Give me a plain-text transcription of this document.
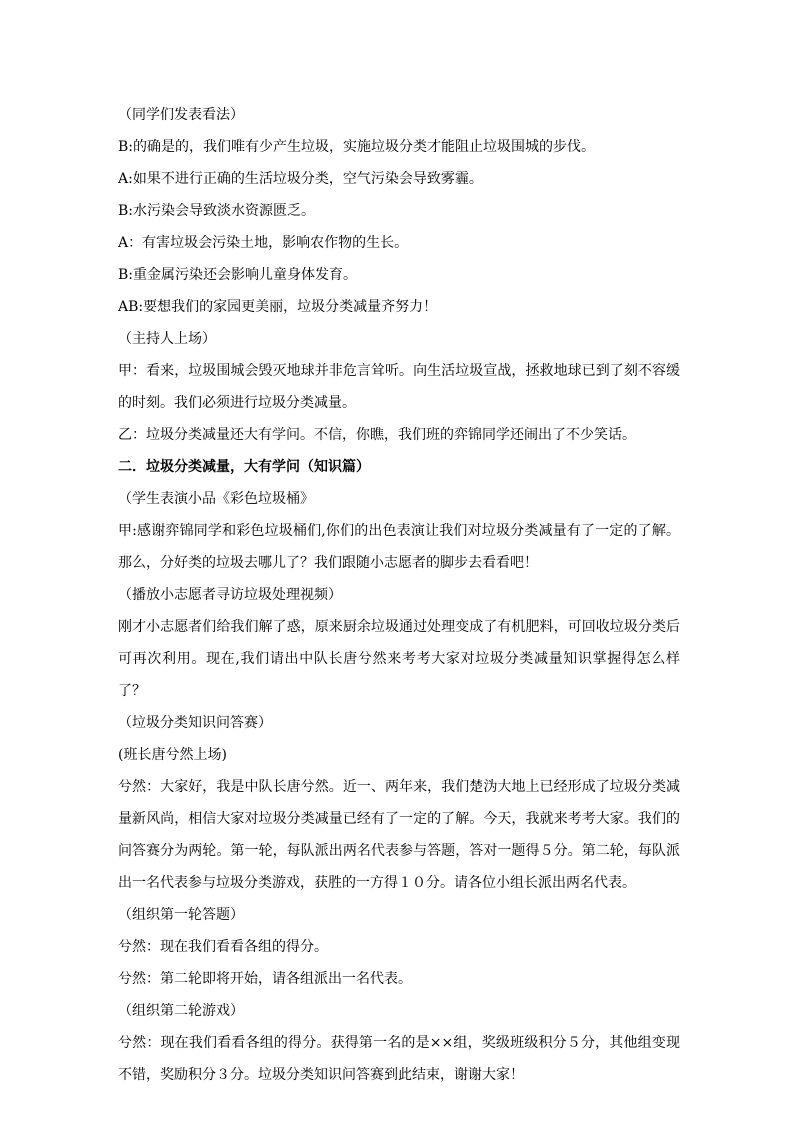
（同学们发表看法）
B:的确是的，我们唯有少产生垃圾，实施垃圾分类才能阻止垃圾围城的步伐。
A:如果不进行正确的生活垃圾分类，空气污染会导致雾霾。
B:水污染会导致淡水资源匮乏。
A：有害垃圾会污染土地，影响农作物的生长。
B:重金属污染还会影响儿童身体发育。
AB:要想我们的家园更美丽，垃圾分类减量齐努力！
（主持人上场）
甲：看来，垃圾围城会毁灭地球并非危言耸听。向生活垃圾宣战，拯救地球已到了刻不容缓的时刻。我们必须进行垃圾分类减量。
乙：垃圾分类减量还大有学问。不信，你瞧，我们班的弈锦同学还闹出了不少笑话。
二．垃圾分类减量，大有学问（知识篇）
（学生表演小品《彩色垃圾桶》
甲:感谢弈锦同学和彩色垃圾桶们,你们的出色表演让我们对垃圾分类减量有了一定的了解。那么，分好类的垃圾去哪儿了？我们跟随小志愿者的脚步去看看吧！
（播放小志愿者寻访垃圾处理视频）
刚才小志愿者们给我们解了惑，原来厨余垃圾通过处理变成了有机肥料，可回收垃圾分类后可再次利用。现在,我们请出中队长唐兮然来考考大家对垃圾分类减量知识掌握得怎么样了？
（垃圾分类知识问答赛）
(班长唐兮然上场)
兮然：大家好，我是中队长唐兮然。近一、两年来，我们楚沩大地上已经形成了垃圾分类减量新风尚，相信大家对垃圾分类减量已经有了一定的了解。今天，我就来考考大家。我们的问答赛分为两轮。第一轮，每队派出两名代表参与答题，答对一题得５分。第二轮，每队派出一名代表参与垃圾分类游戏，获胜的一方得１０分。请各位小组长派出两名代表。
（组织第一轮答题）
兮然：现在我们看看各组的得分。
兮然：第二轮即将开始，请各组派出一名代表。
（组织第二轮游戏）
兮然：现在我们看看各组的得分。获得第一名的是××组，奖级班级积分５分，其他组变现不错，奖励积分３分。垃圾分类知识问答赛到此结束，谢谢大家！
